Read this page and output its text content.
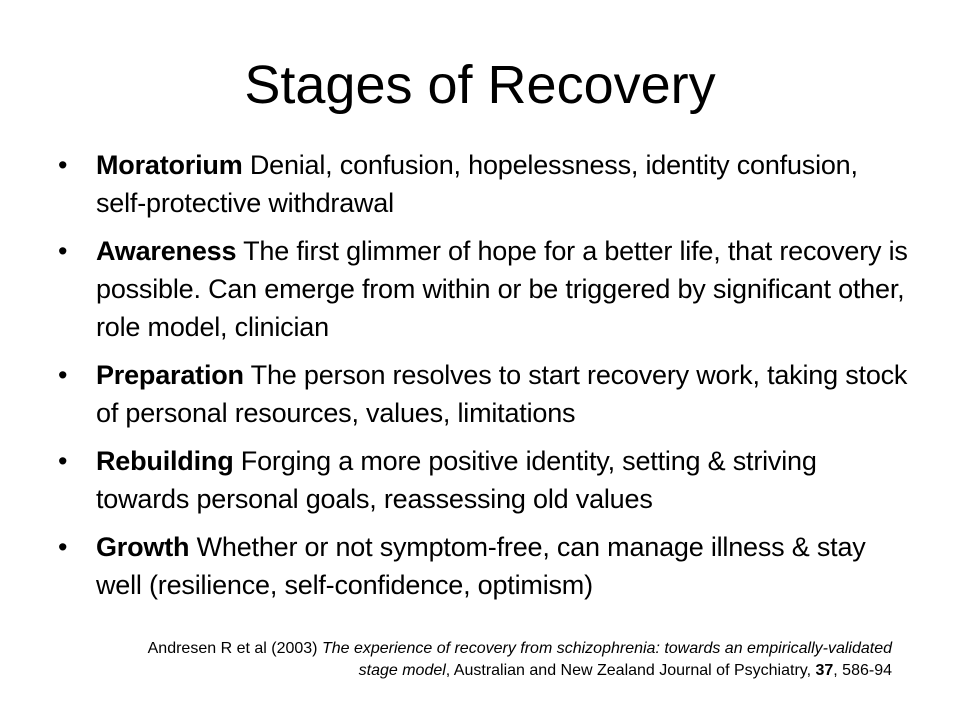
Stages of Recovery
•	Moratorium Denial, confusion, hopelessness, identity confusion, self-protective withdrawal
•	Awareness The first glimmer of hope for a better life, that recovery is possible. Can emerge from within or be triggered by significant other, role model, clinician
•	Preparation The person resolves to start recovery work, taking stock of personal resources, values, limitations
•	Rebuilding Forging a more positive identity, setting & striving towards personal goals, reassessing old values
•	Growth Whether or not symptom-free, can manage illness & stay well (resilience, self-confidence, optimism)
Andresen R et al (2003) The experience of recovery from schizophrenia: towards an empirically-validated stage model, Australian and New Zealand Journal of Psychiatry, 37, 586-94
